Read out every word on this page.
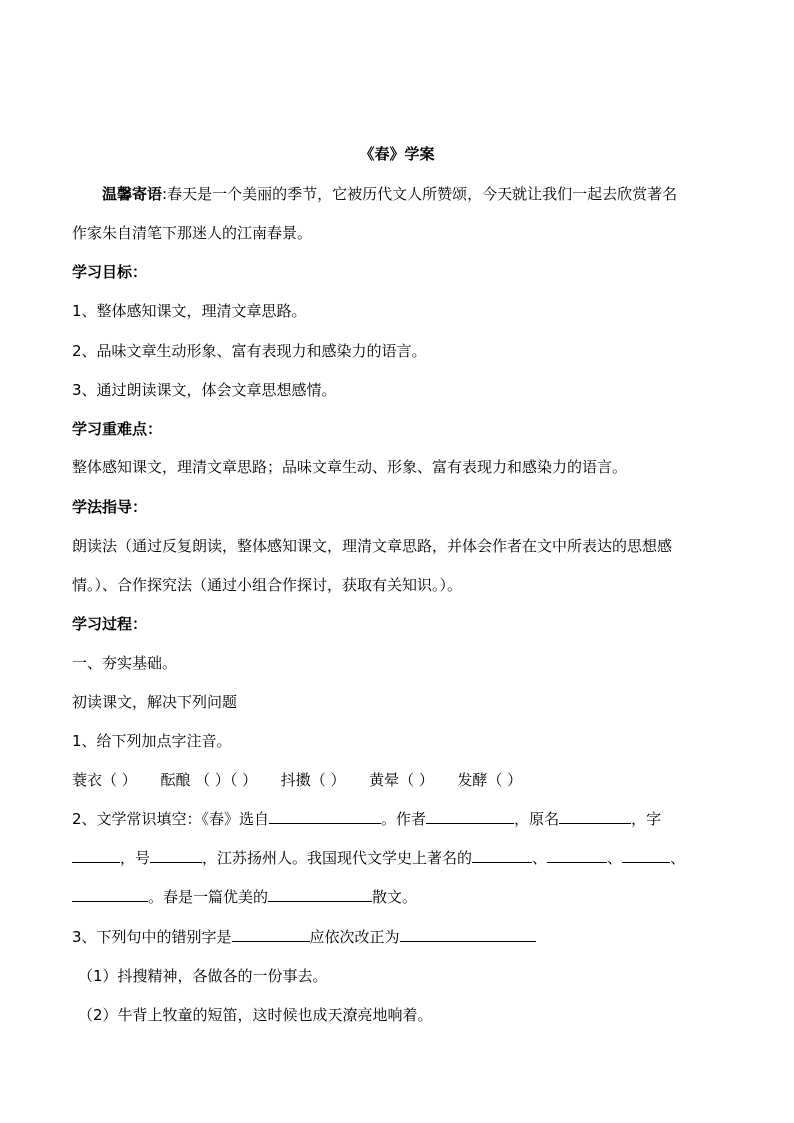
《春》学案
温馨寄语:春天是一个美丽的季节，它被历代文人所赞颂，今天就让我们一起去欣赏著名
作家朱自清笔下那迷人的江南春景。
学习目标：
1、整体感知课文，理清文章思路。
2、品味文章生动形象、富有表现力和感染力的语言。
3、通过朗读课文，体会文章思想感情。
学习重难点：
整体感知课文，理清文章思路；品味文章生动、形象、富有表现力和感染力的语言。
学法指导：
朗读法（通过反复朗读，整体感知课文，理清文章思路，并体会作者在文中所表达的思想感
情。）、合作探究法（通过小组合作探讨，获取有关知识。）。
学习过程：
一、夯实基础。
初读课文，解决下列问题
1、给下列加点字注音。
蓑衣（ ） 酝酿 （ ）（ ） 抖擞（ ） 黄晕（ ） 发酵（ ）
2、文学常识填空：《春》选自	。作者	，原名	，字
，号	，江苏扬州人。我国现代文学史上著名的	、	、	、
。春是一篇优美的	散文。
3、下列句中的错别字是	应依次改正为
（1）抖搜精神，各做各的一份事去。
（2）牛背上牧童的短笛，这时候也成天潦亮地响着。
